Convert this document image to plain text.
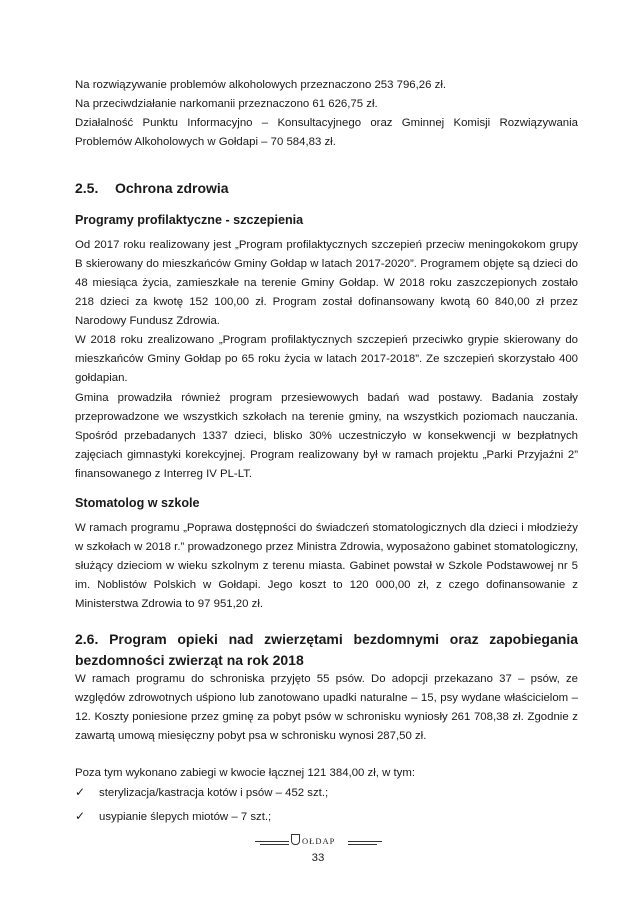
Na rozwiązywanie problemów alkoholowych przeznaczono 253 796,26 zł.

Na przeciwdziałanie narkomanii przeznaczono 61 626,75 zł.

Działalność Punktu Informacyjno – Konsultacyjnego oraz Gminnej Komisji Rozwiązywania Problemów Alkoholowych w Gołdapi – 70 584,83 zł.

2.5. Ochrona zdrowia
Programy profilaktyczne - szczepienia

Od 2017 roku realizowany jest „Program profilaktycznych szczepień przeciw meningokokom grupy B skierowany do mieszkańców Gminy Gołdap w latach 2017-2020”. Programem objęte są dzieci do 48 miesiąca życia, zamieszkałe na terenie Gminy Gołdap. W 2018 roku zaszczepionych zostało 218 dzieci za kwotę 152 100,00 zł. Program został dofinansowany kwotą 60 840,00 zł przez Narodowy Fundusz Zdrowia.

W 2018 roku zrealizowano „Program profilaktycznych szczepień przeciwko grypie skierowany do mieszkańców Gminy Gołdap po 65 roku życia w latach 2017-2018”. Ze szczepień skorzystało 400 gołdapian.

Gmina prowadziła również program przesiewowych badań wad postawy. Badania zostały przeprowadzone we wszystkich szkołach na terenie gminy, na wszystkich poziomach nauczania. Spośród przebadanych 1337 dzieci, blisko 30% uczestniczyło w konsekwencji w bezpłatnych zajęciach gimnastyki korekcyjnej. Program realizowany był w ramach projektu „Parki Przyjaźni 2” finansowanego z Interreg IV PL-LT.

Stomatolog w szkole

W ramach programu „Poprawa dostępności do świadczeń stomatologicznych dla dzieci i młodzieży w szkołach w 2018 r.” prowadzonego przez Ministra Zdrowia, wyposażono gabinet stomatologiczny, służący dzieciom w wieku szkolnym z terenu miasta. Gabinet powstał w Szkole Podstawowej nr 5 im. Noblistów Polskich w Gołdapi. Jego koszt to 120 000,00 zł, z czego dofinansowanie z Ministerstwa Zdrowia to 97 951,20 zł.

2.6. Program opieki nad zwierzętami bezdomnymi oraz zapobiegania bezdomności zwierząt na rok 2018

W ramach programu do schroniska przyjęto 55 psów. Do adopcji przekazano 37 – psów, ze względów zdrowotnych uśpiono lub zanotowano upadki naturalne – 15, psy wydane właścicielom – 12. Koszty poniesione przez gminę za pobyt psów w schronisku wyniosły 261 708,38 zł. Zgodnie z zawartą umową miesięczny pobyt psa w schronisku wynosi 287,50 zł.

Poza tym wykonano zabiegi w kwocie łącznej 121 384,00 zł, w tym:

✓ sterylizacja/kastracja kotów i psów – 452 szt.;
✓ usypianie ślepych miotów – 7 szt.;
OŁDAP
33
